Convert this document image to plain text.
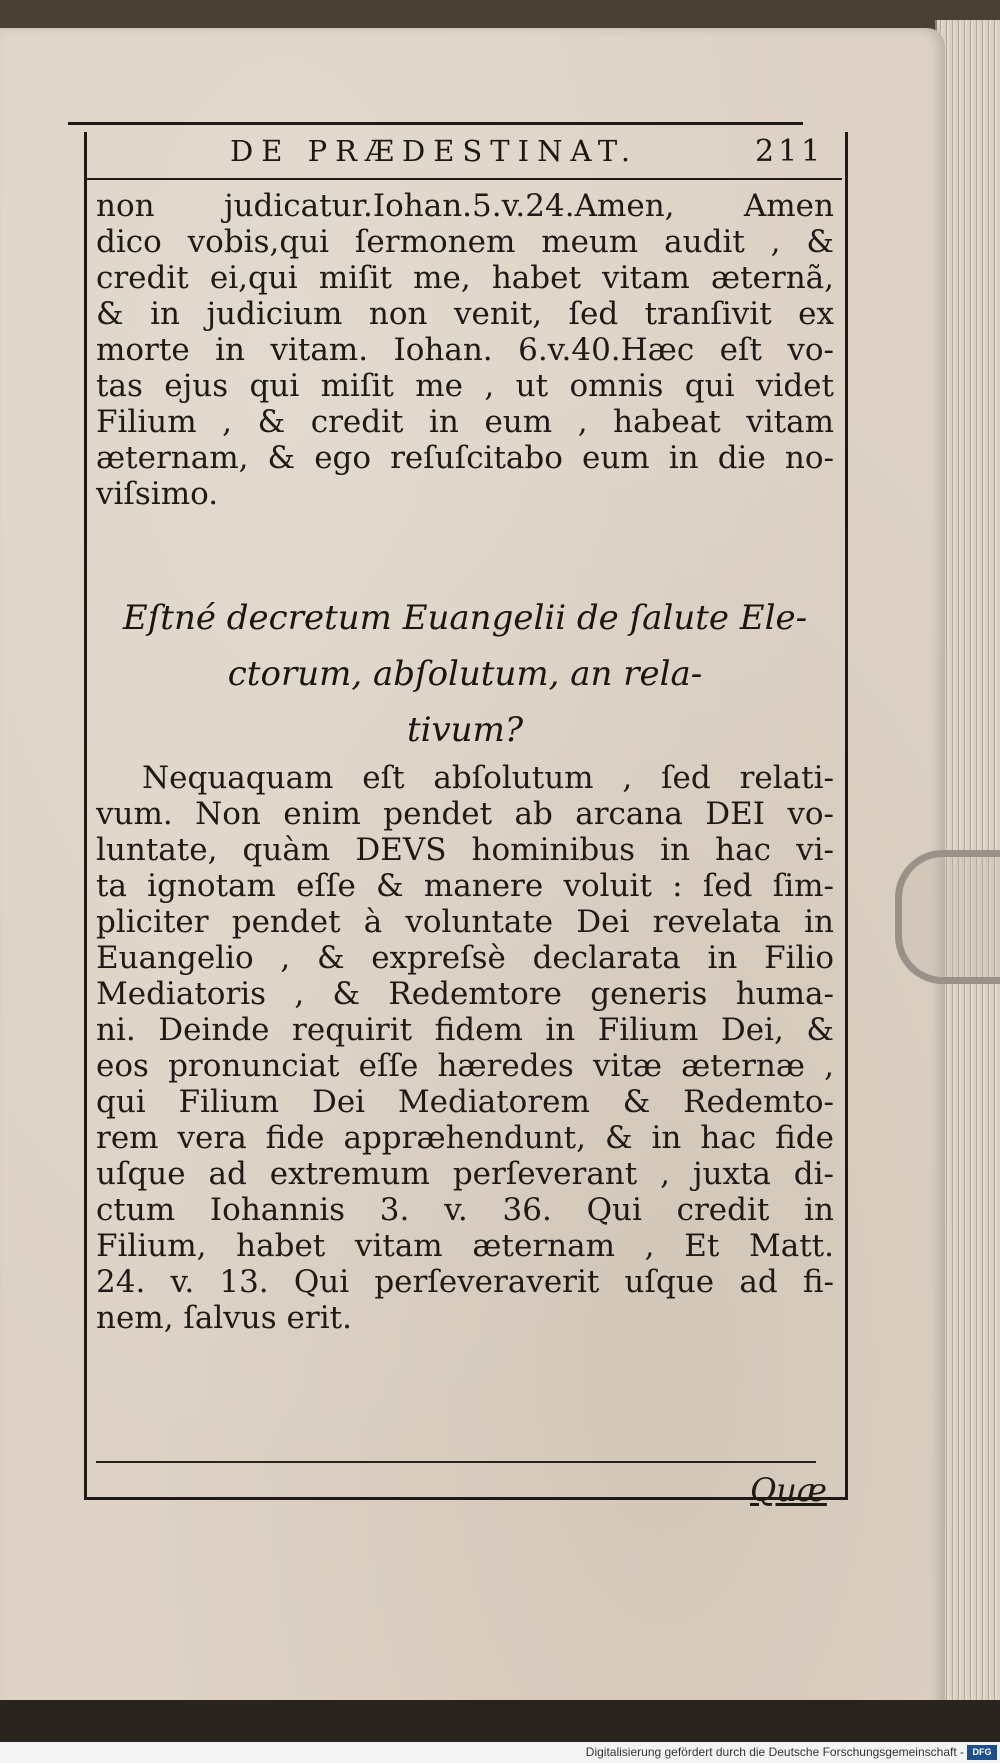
DE PRÆDESTINAT.	211
non judicatur.Iohan.5.v.24.Amen, Amen
dico vobis,qui ſermonem meum audit , &
credit ei,qui miſit me, habet vitam æternã,
& in judicium non venit, ſed tranſivit ex
morte in vitam. Iohan. 6.v.40.Hæc eſt vo-
tas ejus qui miſit me , ut omnis qui videt
Filium , & credit in eum , habeat vitam
æternam, & ego reſuſcitabo eum in die no-
viſsimo.
Eſtné decretum Euangelii de ſalute Ele-
ctorum, abſolutum, an rela-
tivum?
Nequaquam eſt abſolutum , ſed relati-
vum. Non enim pendet ab arcana DEI vo-
luntate, quàm DEVS hominibus in hac vi-
ta ignotam eſſe & manere voluit : ſed ſim-
pliciter pendet à voluntate Dei revelata in
Euangelio , & expreſsè declarata in Filio
Mediatoris , & Redemtore generis huma-
ni. Deinde requirit fidem in Filium Dei, &
eos pronunciat eſſe hæredes vitæ æternæ ,
qui Filium Dei Mediatorem & Redemto-
rem vera fide appræhendunt, & in hac fide
uſque ad extremum perſeverant , juxta di-
ctum Iohannis 3. v. 36. Qui credit in
Filium, habet vitam æternam , Et Matt.
24. v. 13. Qui perſeveraverit uſque ad fi-
nem, ſalvus erit.
Quæ
Digitalisierung gefördert durch die Deutsche Forschungsgemeinschaft - DFG
